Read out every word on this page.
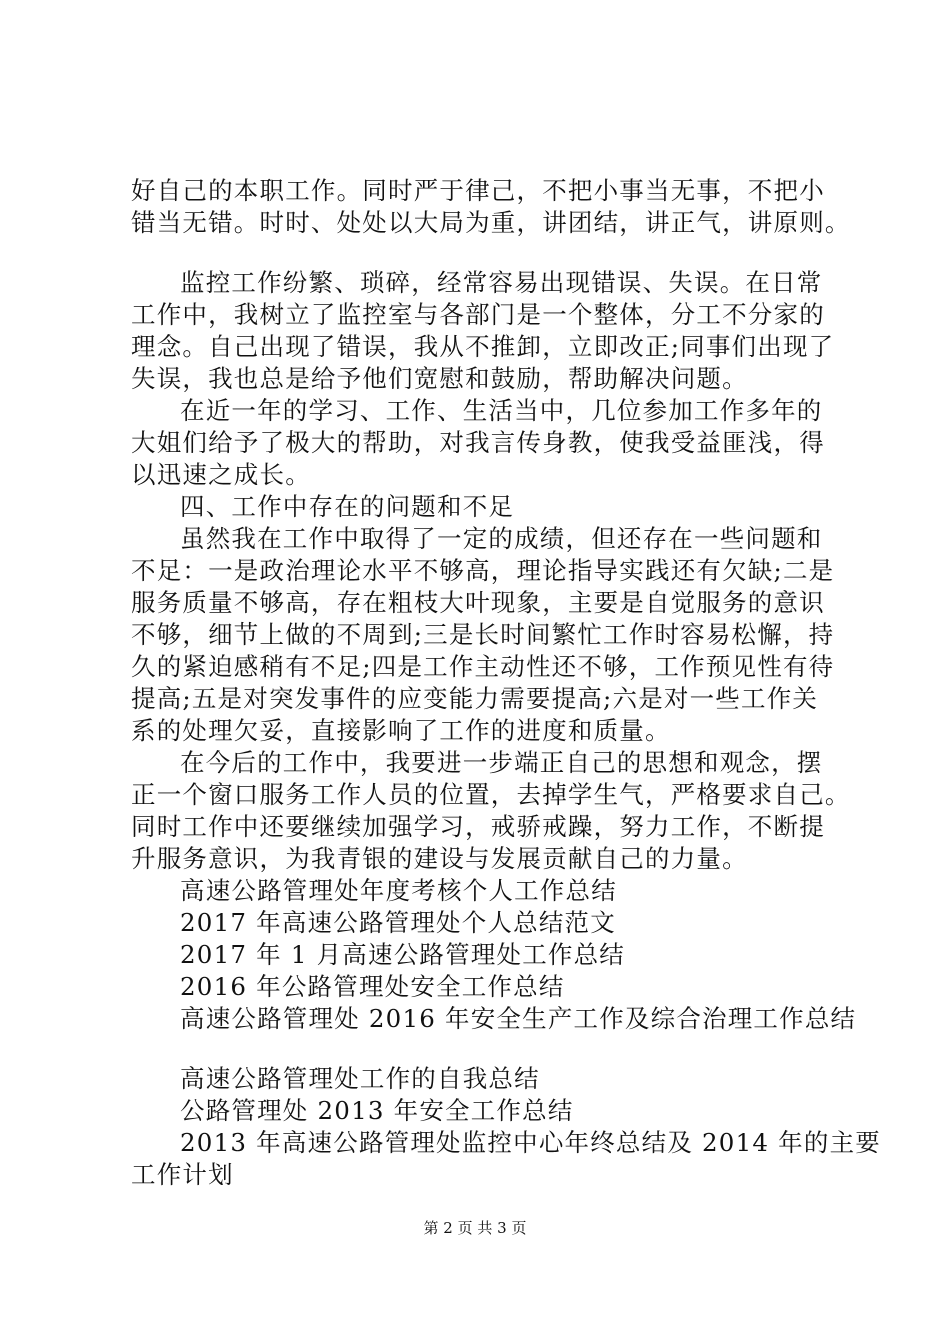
好自己的本职工作。同时严于律己，不把小事当无事，不把小
错当无错。时时、处处以大局为重，讲团结，讲正气，讲原则。
监控工作纷繁、琐碎，经常容易出现错误、失误。在日常
工作中，我树立了监控室与各部门是一个整体，分工不分家的
理念。自己出现了错误，我从不推卸，立即改正;同事们出现了
失误，我也总是给予他们宽慰和鼓励，帮助解决问题。
在近一年的学习、工作、生活当中，几位参加工作多年的
大姐们给予了极大的帮助，对我言传身教，使我受益匪浅，得
以迅速之成长。
四、工作中存在的问题和不足
虽然我在工作中取得了一定的成绩，但还存在一些问题和
不足：一是政治理论水平不够高，理论指导实践还有欠缺;二是
服务质量不够高，存在粗枝大叶现象，主要是自觉服务的意识
不够，细节上做的不周到;三是长时间繁忙工作时容易松懈，持
久的紧迫感稍有不足;四是工作主动性还不够，工作预见性有待
提高;五是对突发事件的应变能力需要提高;六是对一些工作关
系的处理欠妥，直接影响了工作的进度和质量。
在今后的工作中，我要进一步端正自己的思想和观念，摆
正一个窗口服务工作人员的位置，去掉学生气，严格要求自己。
同时工作中还要继续加强学习，戒骄戒躁，努力工作，不断提
升服务意识，为我青银的建设与发展贡献自己的力量。
高速公路管理处年度考核个人工作总结
2017 年高速公路管理处个人总结范文
2017 年 1 月高速公路管理处工作总结
2016 年公路管理处安全工作总结
高速公路管理处 2016 年安全生产工作及综合治理工作总结
高速公路管理处工作的自我总结
公路管理处 2013 年安全工作总结
2013 年高速公路管理处监控中心年终总结及 2014 年的主要
工作计划
第 2 页 共 3 页
